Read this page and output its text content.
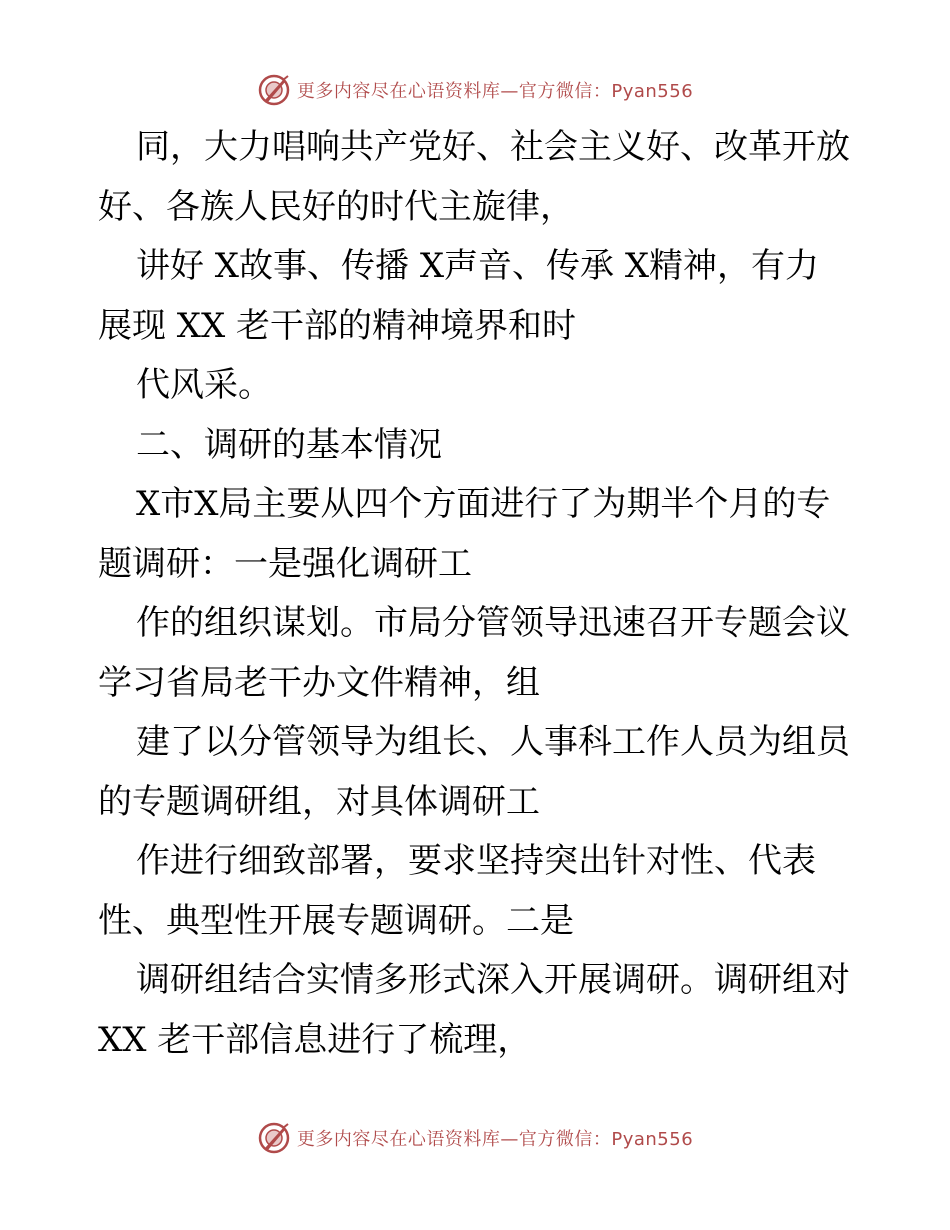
更多内容尽在心语资料库—官方微信：Pyan556
同，大力唱响共产党好、社会主义好、改革开放
好、各族人民好的时代主旋律，
讲好 X故事、传播 X声音、传承 X精神，有力
展现 XX 老干部的精神境界和时
代风采。
二、调研的基本情况
X市X局主要从四个方面进行了为期半个月的专
题调研：一是强化调研工
作的组织谋划。市局分管领导迅速召开专题会议
学习省局老干办文件精神，组
建了以分管领导为组长、人事科工作人员为组员
的专题调研组，对具体调研工
作进行细致部署，要求坚持突出针对性、代表
性、典型性开展专题调研。二是
调研组结合实情多形式深入开展调研。调研组对
XX 老干部信息进行了梳理，
更多内容尽在心语资料库—官方微信：Pyan556
